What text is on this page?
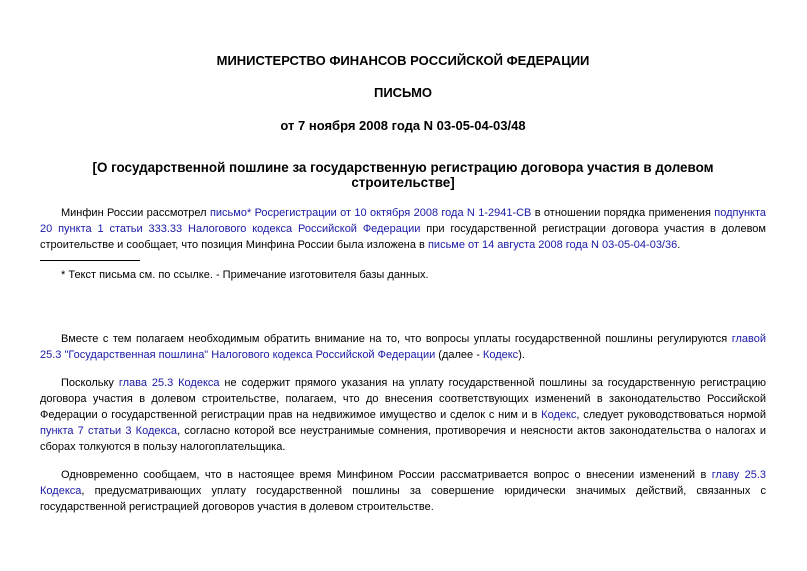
МИНИСТЕРСТВО ФИНАНСОВ РОССИЙСКОЙ ФЕДЕРАЦИИ

ПИСЬМО

от 7 ноября 2008 года N 03-05-04-03/48

[О государственной пошлине за государственную регистрацию договора участия в долевом строительстве]

Минфин России рассмотрел письмо* Росрегистрации от 10 октября 2008 года N 1-2941-СВ в отношении порядка применения подпункта 20 пункта 1 статьи 333.33 Налогового кодекса Российской Федерации при государственной регистрации договора участия в долевом строительстве и сообщает, что позиция Минфина России была изложена в письме от 14 августа 2008 года N 03-05-04-03/36.

* Текст письма см. по ссылке. - Примечание изготовителя базы данных.

Вместе с тем полагаем необходимым обратить внимание на то, что вопросы уплаты государственной пошлины регулируются главой 25.3 "Государственная пошлина" Налогового кодекса Российской Федерации (далее - Кодекс).

Поскольку глава 25.3 Кодекса не содержит прямого указания на уплату государственной пошлины за государственную регистрацию договора участия в долевом строительстве, полагаем, что до внесения соответствующих изменений в законодательство Российской Федерации о государственной регистрации прав на недвижимое имущество и сделок с ним и в Кодекс, следует руководствоваться нормой пункта 7 статьи 3 Кодекса, согласно которой все неустранимые сомнения, противоречия и неясности актов законодательства о налогах и сборах толкуются в пользу налогоплательщика.

Одновременно сообщаем, что в настоящее время Минфином России рассматривается вопрос о внесении изменений в главу 25.3 Кодекса, предусматривающих уплату государственной пошлины за совершение юридически значимых действий, связанных с государственной регистрацией договоров участия в долевом строительстве.
